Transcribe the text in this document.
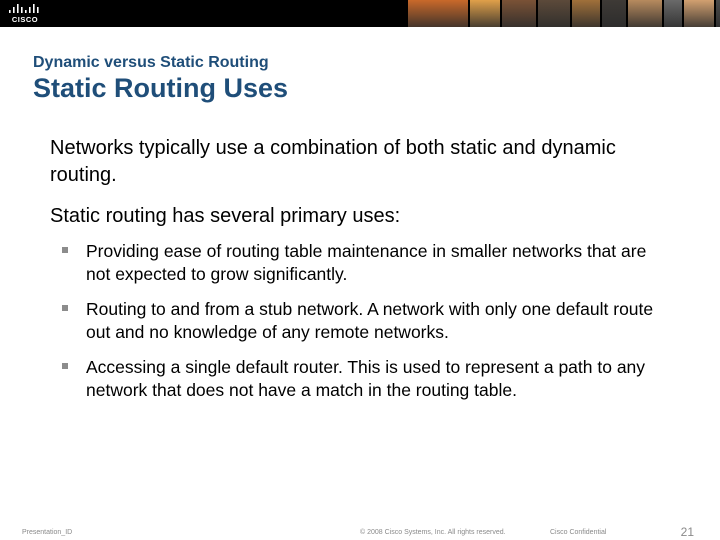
CISCO
Dynamic versus Static Routing
Static Routing Uses

Networks typically use a combination of both static and dynamic routing.

Static routing has several primary uses:

Providing ease of routing table maintenance in smaller networks that are not expected to grow significantly.
Routing to and from a stub network. A network with only one default route out and no knowledge of any remote networks.
Accessing a single default router. This is used to represent a path to any network that does not have a match in the routing table.
Presentation_ID	© 2008 Cisco Systems, Inc. All rights reserved.	Cisco Confidential	21
